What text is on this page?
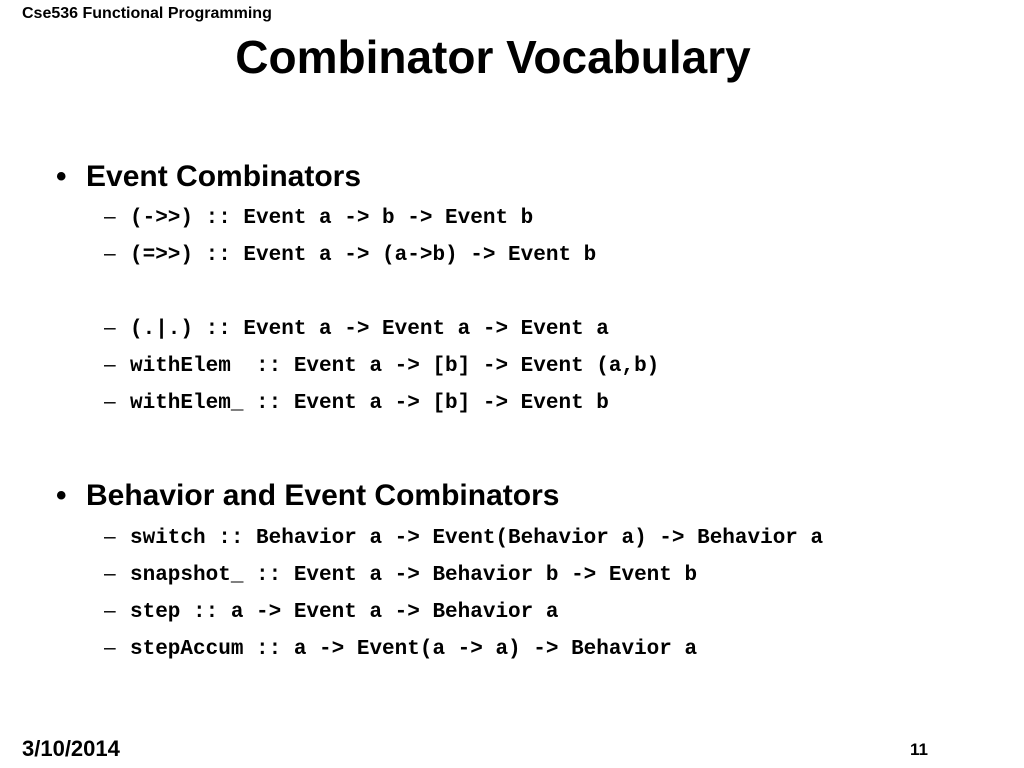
Cse536 Functional Programming
Combinator Vocabulary
• Event Combinators
– (->>) :: Event a -> b -> Event b
– (=>>) :: Event a -> (a->b) -> Event b
– (.|.) :: Event a -> Event a -> Event a
– withElem  :: Event a -> [b] -> Event (a,b)
– withElem_ :: Event a -> [b] -> Event b
• Behavior and Event Combinators
– switch :: Behavior a -> Event(Behavior a) -> Behavior a
– snapshot_ :: Event a -> Behavior b -> Event b
– step :: a -> Event a -> Behavior a
– stepAccum :: a -> Event(a -> a) -> Behavior a
3/10/2014	11
